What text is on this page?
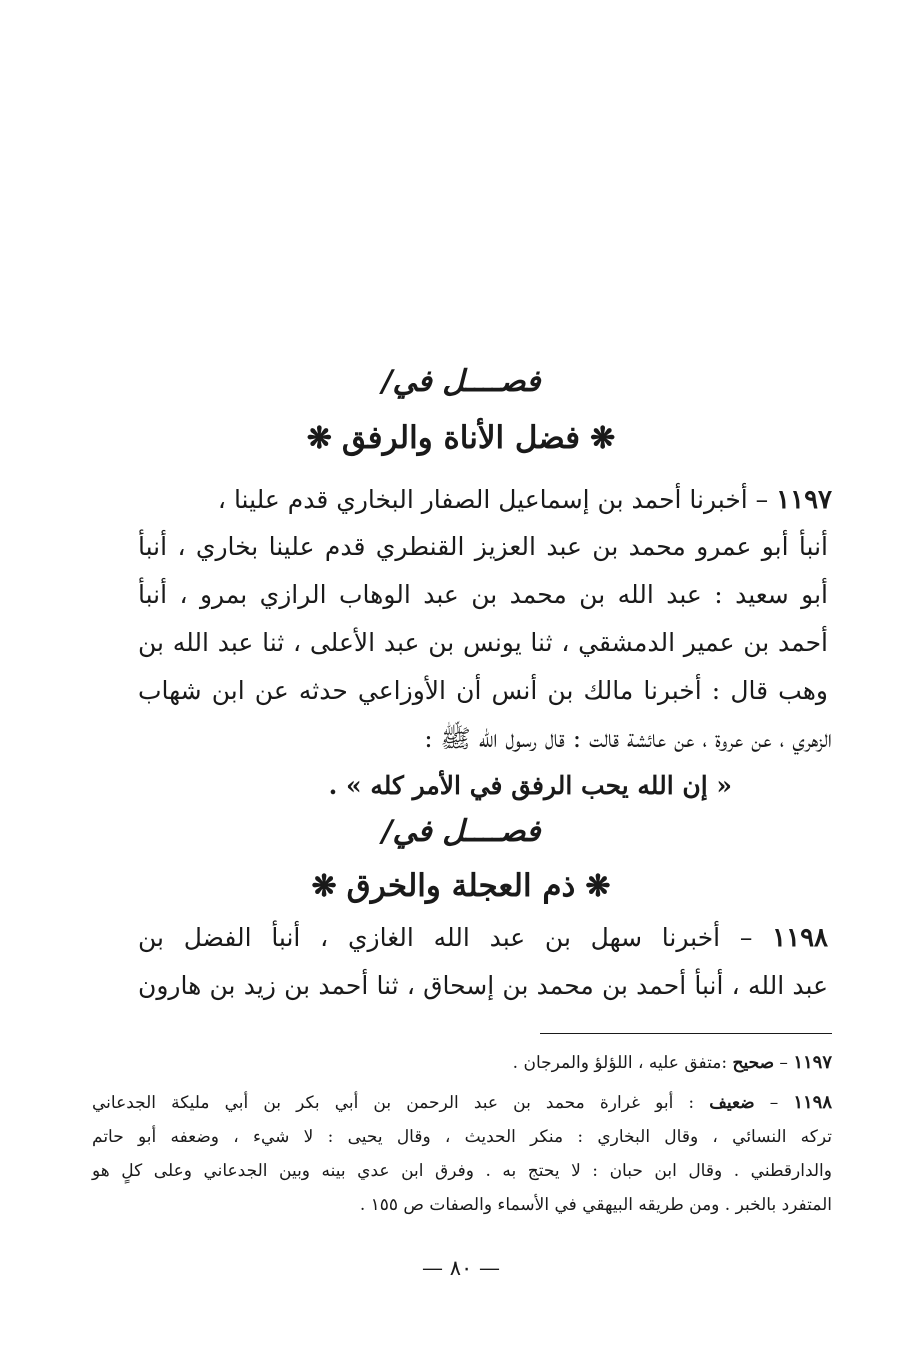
فصــــل في/
❋فضل الأناة والرفق❋
١١٩٧ – أخبرنا أحمد بن إسماعيل الصفار البخاري قدم علينا ،
أنبأ أبو عمرو محمد بن عبد العزيز القنطري قدم علينا بخاري ، أنبأ
أبو سعيد : عبد الله بن محمد بن عبد الوهاب الرازي بمرو ، أنبأ
أحمد بن عمير الدمشقي ، ثنا يونس بن عبد الأعلى ، ثنا عبد الله بن
وهب قال : أخبرنا مالك بن أنس أن الأوزاعي حدثه عن ابن شهاب
الزهري ، عن عروة ، عن عائشة قالت : قال رسول الله ﷺ :
« إن الله يحب الرفق في الأمر كله » .
فصــــل في/
❋ذم العجلة والخرق❋
١١٩٨ – أخبرنا سهل بن عبد الله الغازي ، أنبأ الفضل بن
عبد الله ، أنبأ أحمد بن محمد بن إسحاق ، ثنا أحمد بن زيد بن هارون
١١٩٧ – صحيح :متفق عليه ، اللؤلؤ والمرجان .
١١٩٨ – ضعيف : أبو غرارة محمد بن عبد الرحمن بن أبي بكر بن أبي مليكة الجدعاني
تركه النسائي ، وقال البخاري : منكر الحديث ، وقال يحيى : لا شيء ، وضعفه أبو حاتم
والدارقطني . وقال ابن حبان : لا يحتج به . وفرق ابن عدي بينه وبين الجدعاني وعلى كلٍ هو
المتفرد بالخبر . ومن طريقه البيهقي في الأسماء والصفات ص ١٥٥ .
— ٨٠ —
